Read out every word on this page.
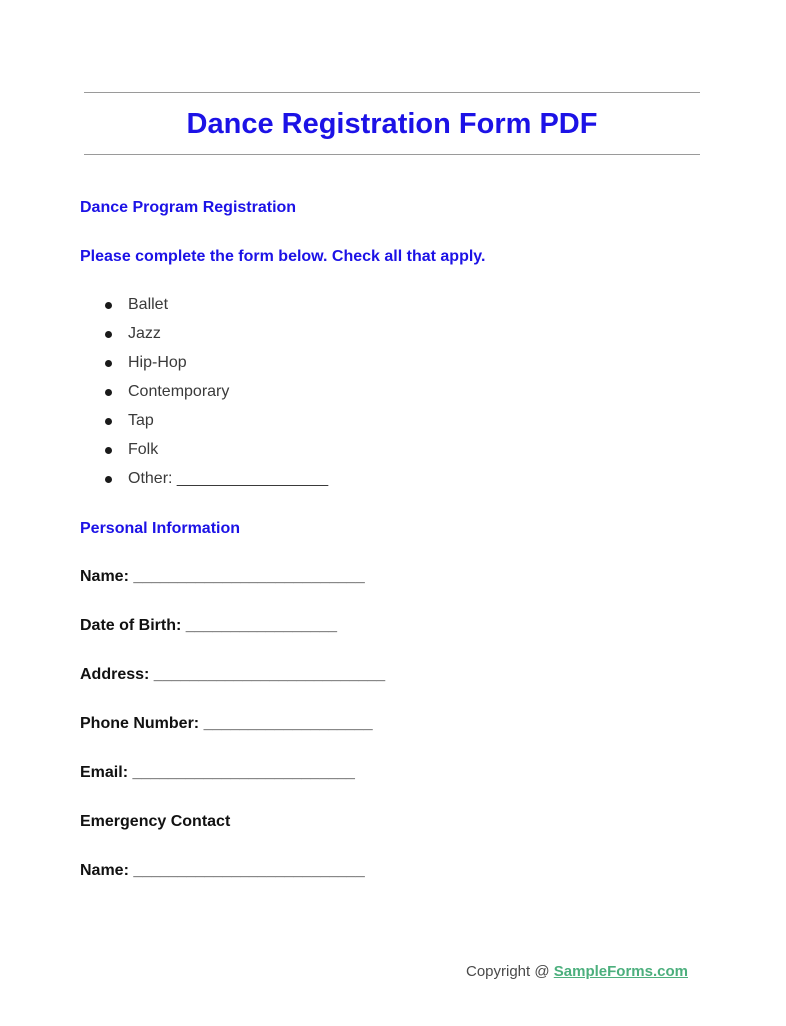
Dance Registration Form PDF
Dance Program Registration

Please complete the form below. Check all that apply.

Ballet
Jazz
Hip-Hop
Contemporary
Tap
Folk
Other: _________________
Personal Information

Name: __________________________

Date of Birth: _________________

Address: __________________________

Phone Number: ___________________

Email: _________________________

Emergency Contact

Name: __________________________

Copyright @ SampleForms.com
